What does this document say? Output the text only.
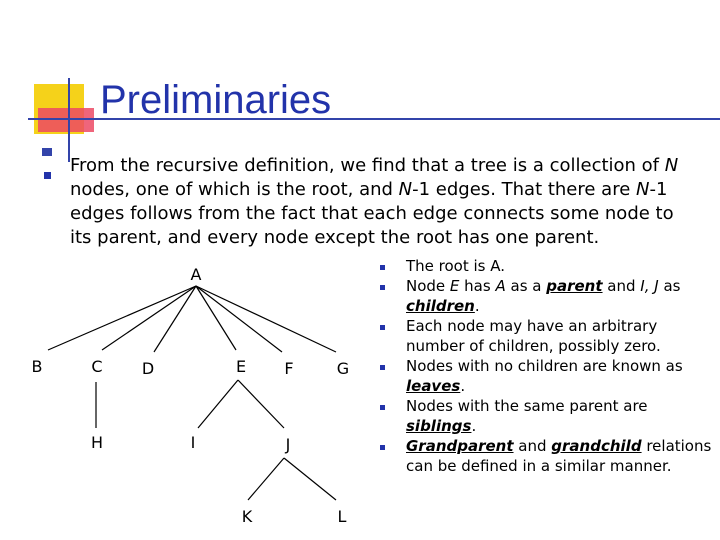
Preliminaries

From the recursive definition, we find that a tree is a collection of N nodes, one of which is the root, and N-1 edges. That there are N-1 edges follows from the fact that each edge connects some node to its parent, and every node except the root has one parent.

A
B	C D	E F	G
H	I	J
K	L
The root is A.
Node E has A as a parent and I, J as children.
Each node may have an arbitrary number of children, possibly zero.
Nodes with no children are known as leaves.
Nodes with the same parent are siblings.
Grandparent and grandchild relations can be defined in a similar manner.
